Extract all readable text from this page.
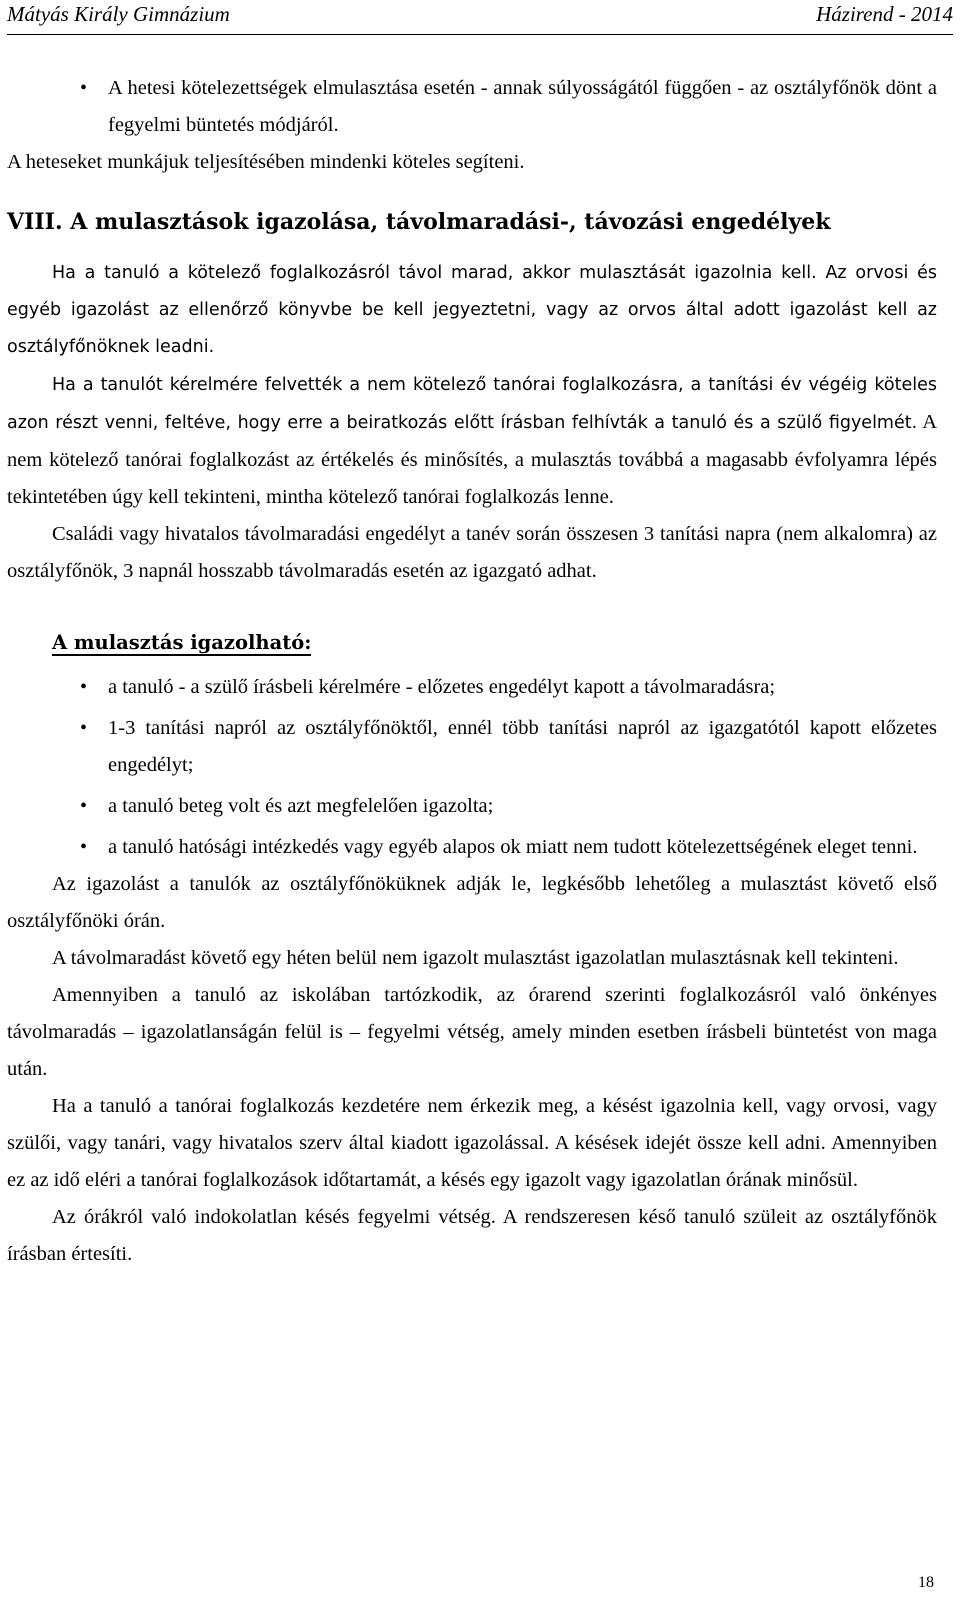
Mátyás Király Gimnázium	Házirend - 2014
• A hetesi kötelezettségek elmulasztása esetén - annak súlyosságától függően - az osztályfőnök dönt a fegyelmi büntetés módjáról.

A heteseket munkájuk teljesítésében mindenki köteles segíteni.

VIII. A mulasztások igazolása, távolmaradási-, távozási engedélyek

Ha a tanuló a kötelező foglalkozásról távol marad, akkor mulasztását igazolnia kell. Az orvosi és egyéb igazolást az ellenőrző könyvbe be kell jegyeztetni, vagy az orvos által adott igazolást kell az osztályfőnöknek leadni.

Ha a tanulót kérelmére felvették a nem kötelező tanórai foglalkozásra, a tanítási év végéig köteles azon részt venni, feltéve, hogy erre a beiratkozás előtt írásban felhívták a tanuló és a szülő figyelmét. A nem kötelező tanórai foglalkozást az értékelés és minősítés, a mulasztás továbbá a magasabb évfolyamra lépés tekintetében úgy kell tekinteni, mintha kötelező tanórai foglalkozás lenne.

Családi vagy hivatalos távolmaradási engedélyt a tanév során összesen 3 tanítási napra (nem alkalomra) az osztályfőnök, 3 napnál hosszabb távolmaradás esetén az igazgató adhat.

A mulasztás igazolható:
• a tanuló - a szülő írásbeli kérelmére - előzetes engedélyt kapott a távolmaradásra;
• 1-3 tanítási napról az osztályfőnöktől, ennél több tanítási napról az igazgatótól kapott előzetes engedélyt;
• a tanuló beteg volt és azt megfelelően igazolta;
• a tanuló hatósági intézkedés vagy egyéb alapos ok miatt nem tudott kötelezettségének eleget tenni.

Az igazolást a tanulók az osztályfőnöküknek adják le, legkésőbb lehetőleg a mulasztást követő első osztályfőnöki órán.

A távolmaradást követő egy héten belül nem igazolt mulasztást igazolatlan mulasztásnak kell tekinteni.

Amennyiben a tanuló az iskolában tartózkodik, az órarend szerinti foglalkozásról való önkényes távolmaradás – igazolatlanságán felül is – fegyelmi vétség, amely minden esetben írásbeli büntetést von maga után.

Ha a tanuló a tanórai foglalkozás kezdetére nem érkezik meg, a késést igazolnia kell, vagy orvosi, vagy szülői, vagy tanári, vagy hivatalos szerv által kiadott igazolással. A késések idejét össze kell adni. Amennyiben ez az idő eléri a tanórai foglalkozások időtartamát, a késés egy igazolt vagy igazolatlan órának minősül.

Az órákról való indokolatlan késés fegyelmi vétség. A rendszeresen késő tanuló szüleit az osztályfőnök írásban értesíti.

18
